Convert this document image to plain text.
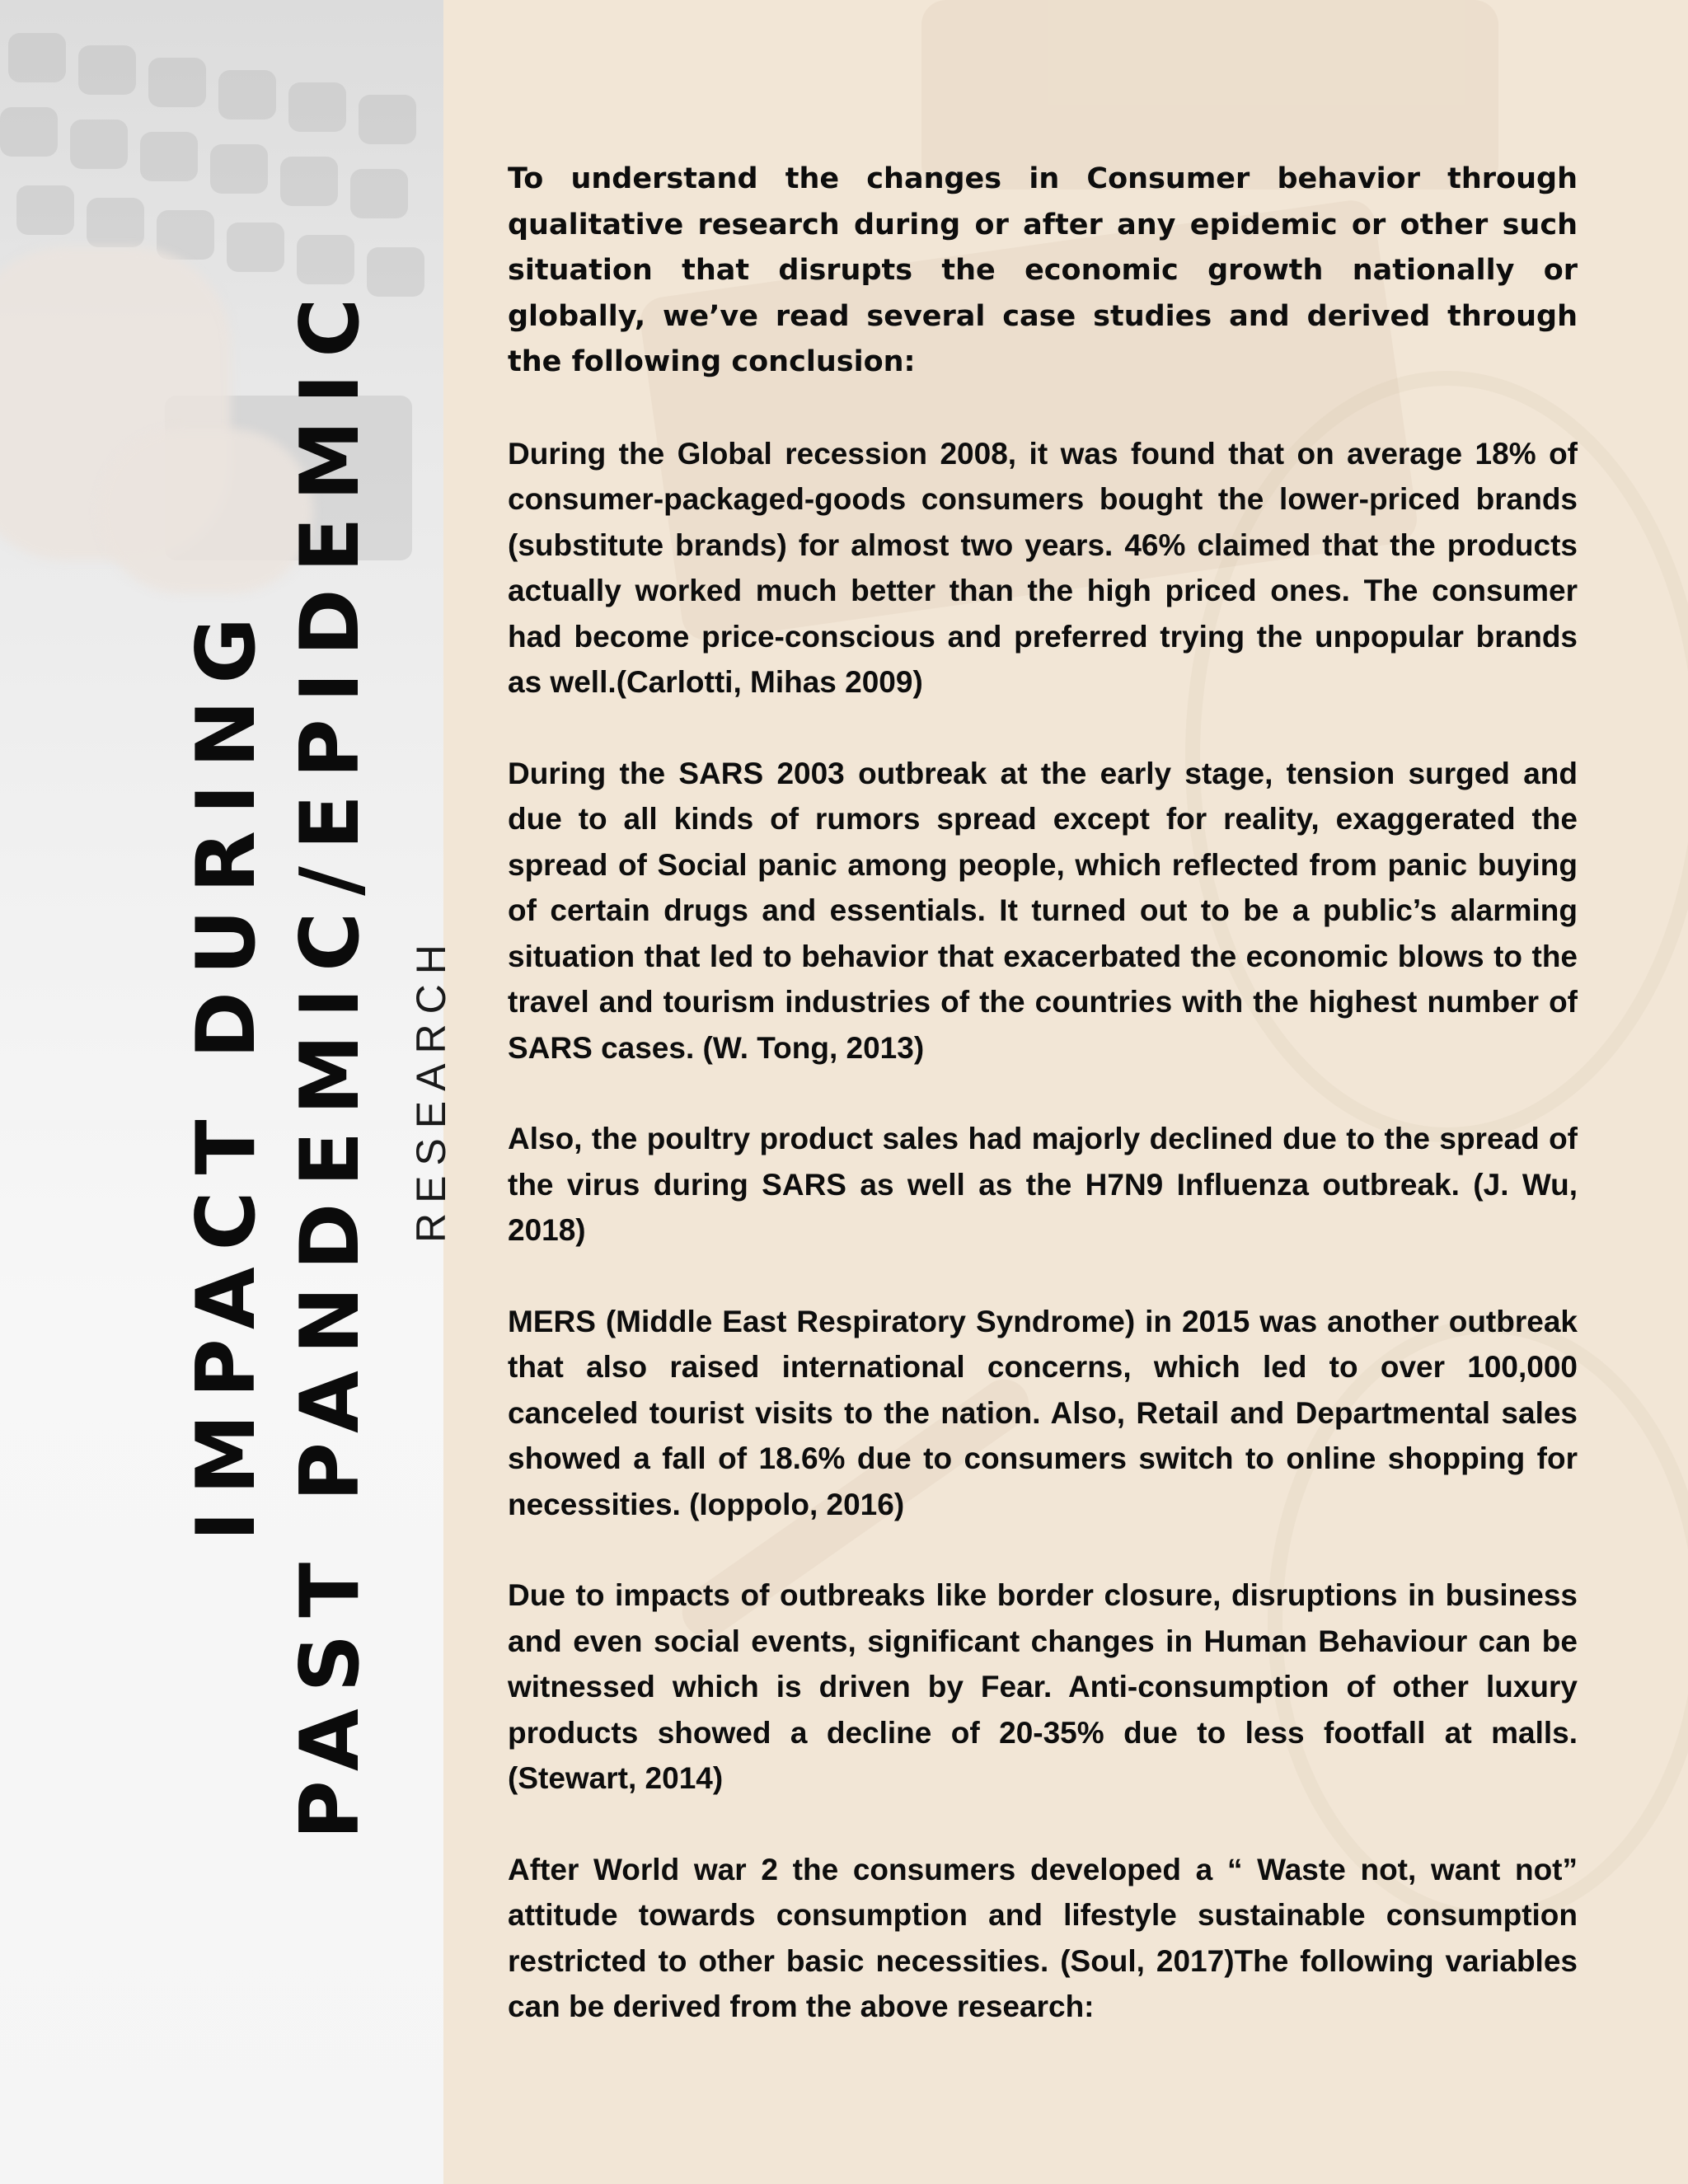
IMPACT DURING PAST PANDEMIC/EPIDEMIC RESEARCH

To understand the changes in Consumer behavior through qualitative research during or after any epidemic or other such situation that disrupts the economic growth nationally or globally, we’ve read several case studies and derived through the following conclusion:

During the Global recession 2008, it was found that on average 18% of consumer-packaged-goods consumers bought the lower-priced brands (substitute brands) for almost two years. 46% claimed that the products actually worked much better than the high priced ones. The consumer had become price-conscious and preferred trying the unpopular brands as well.(Carlotti, Mihas 2009)

During the SARS 2003 outbreak at the early stage, tension surged and due to all kinds of rumors spread except for reality, exaggerated the spread of Social panic among people, which reflected from panic buying of certain drugs and essentials. It turned out to be a public’s alarming situation that led to behavior that exacerbated the economic blows to the travel and tourism industries of the countries with the highest number of SARS cases. (W. Tong, 2013)

Also, the poultry product sales had majorly declined due to the spread of the virus during SARS as well as the H7N9 Influenza outbreak. (J. Wu, 2018)

MERS (Middle East Respiratory Syndrome) in 2015 was another outbreak that also raised international concerns, which led to over 100,000 canceled tourist visits to the nation. Also, Retail and Departmental sales showed a fall of 18.6% due to consumers switch to online shopping for necessities. (Ioppolo, 2016)

Due to impacts of outbreaks like border closure, disruptions in business and even social events, significant changes in Human Behaviour can be witnessed which is driven by Fear. Anti-consumption of other luxury products showed a decline of 20-35% due to less footfall at malls. (Stewart, 2014)

After World war 2 the consumers developed a “ Waste not, want not” attitude towards consumption and lifestyle sustainable consumption restricted to other basic necessities. (Soul, 2017)The following variables can be derived from the above research:
